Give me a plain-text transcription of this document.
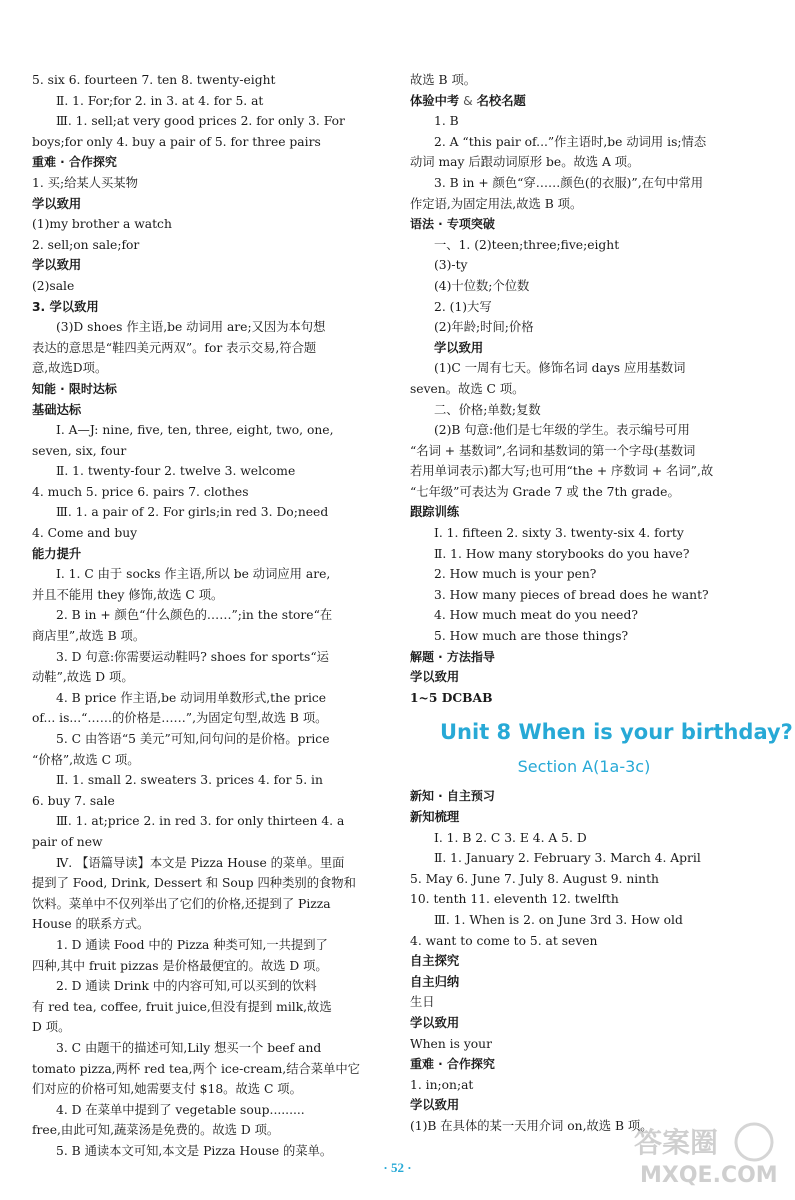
5. six 6. fourteen 7. ten 8. twenty-eight
Ⅱ. 1. For;for 2. in 3. at 4. for 5. at
Ⅲ. 1. sell;at very good prices 2. for only 3. For
boys;for only 4. buy a pair of 5. for three pairs
重难 · 合作探究
1. 买;给某人买某物
学以致用
(1)my brother a watch
2. sell;on sale;for
学以致用
(2)sale
3. 学以致用
(3)D shoes 作主语,be 动词用 are;又因为本句想
表达的意思是“鞋四美元两双”。for 表示交易,符合题
意,故选D项。
知能 · 限时达标
基础达标
Ⅰ. A—J: nine, five, ten, three, eight, two, one,
seven, six, four
Ⅱ. 1. twenty-four 2. twelve 3. welcome
4. much 5. price 6. pairs 7. clothes
Ⅲ. 1. a pair of 2. For girls;in red 3. Do;need
4. Come and buy
能力提升
Ⅰ. 1. C 由于 socks 作主语,所以 be 动词应用 are,
并且不能用 they 修饰,故选 C 项。
2. B in + 颜色“什么颜色的……”;in the store“在
商店里”,故选 B 项。
3. D 句意:你需要运动鞋吗? shoes for sports“运
动鞋”,故选 D 项。
4. B price 作主语,be 动词用单数形式,the price
of... is...“……的价格是……”,为固定句型,故选 B 项。
5. C 由答语“5 美元”可知,问句问的是价格。price
“价格”,故选 C 项。
Ⅱ. 1. small 2. sweaters 3. prices 4. for 5. in
6. buy 7. sale
Ⅲ. 1. at;price 2. in red 3. for only thirteen 4. a
pair of new
Ⅳ. 【语篇导读】本文是 Pizza House 的菜单。里面
提到了 Food, Drink, Dessert 和 Soup 四种类别的食物和
饮料。菜单中不仅列举出了它们的价格,还提到了 Pizza
House 的联系方式。
1. D 通读 Food 中的 Pizza 种类可知,一共提到了
四种,其中 fruit pizzas 是价格最便宜的。故选 D 项。
2. D 通读 Drink 中的内容可知,可以买到的饮料
有 red tea, coffee, fruit juice,但没有提到 milk,故选
D 项。
3. C 由题干的描述可知,Lily 想买一个 beef and
tomato pizza,两杯 red tea,两个 ice-cream,结合菜单中它
们对应的价格可知,她需要支付 $18。故选 C 项。
4. D 在菜单中提到了 vegetable soup.........
free,由此可知,蔬菜汤是免费的。故选 D 项。
5. B 通读本文可知,本文是 Pizza House 的菜单。
故选 B 项。
体验中考 & 名校名题
1. B
2. A “this pair of...”作主语时,be 动词用 is;情态
动词 may 后跟动词原形 be。故选 A 项。
3. B in + 颜色“穿……颜色(的衣服)”,在句中常用
作定语,为固定用法,故选 B 项。
语法 · 专项突破
一、1. (2)teen;three;five;eight
(3)-ty
(4)十位数;个位数
2. (1)大写
(2)年龄;时间;价格
学以致用
(1)C 一周有七天。修饰名词 days 应用基数词
seven。故选 C 项。
二、价格;单数;复数
(2)B 句意:他们是七年级的学生。表示编号可用
“名词 + 基数词”,名词和基数词的第一个字母(基数词
若用单词表示)都大写;也可用“the + 序数词 + 名词”,故
“七年级”可表达为 Grade 7 或 the 7th grade。
跟踪训练
Ⅰ. 1. fifteen 2. sixty 3. twenty-six 4. forty
Ⅱ. 1. How many storybooks do you have?
2. How much is your pen?
3. How many pieces of bread does he want?
4. How much meat do you need?
5. How much are those things?
解题 · 方法指导
学以致用
1~5 DCBAB
Unit 8 When is your birthday?
Section A(1a-3c)
新知 · 自主预习
新知梳理
Ⅰ. 1. B 2. C 3. E 4. A 5. D
Ⅱ. 1. January 2. February 3. March 4. April
5. May 6. June 7. July 8. August 9. ninth
10. tenth 11. eleventh 12. twelfth
Ⅲ. 1. When is 2. on June 3rd 3. How old
4. want to come to 5. at seven
自主探究
自主归纳
生日
学以致用
When is your
重难 · 合作探究
1. in;on;at
学以致用
(1)B 在具体的某一天用介词 on,故选 B 项。
· 52 ·
答案圈
MXQE.COM
